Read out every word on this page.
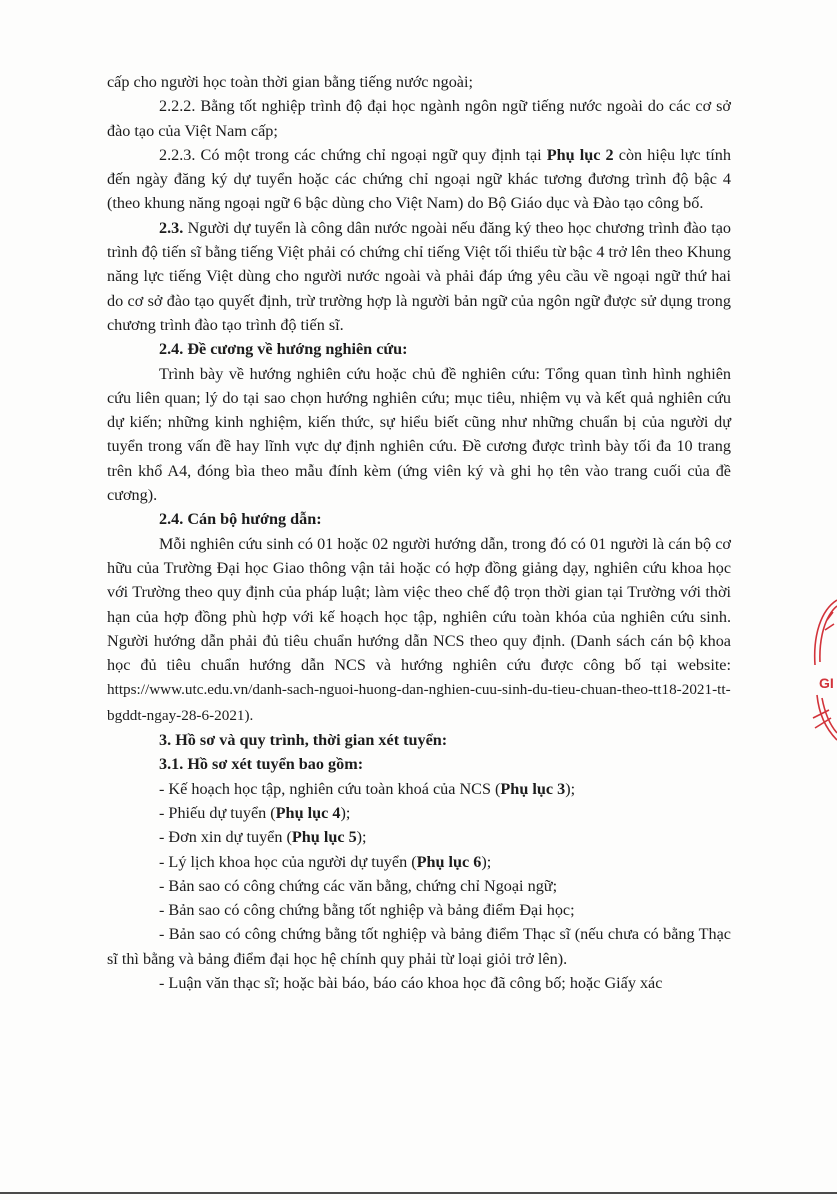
cấp cho người học toàn thời gian bằng tiếng nước ngoài;

2.2.2. Bằng tốt nghiệp trình độ đại học ngành ngôn ngữ tiếng nước ngoài do các cơ sở đào tạo của Việt Nam cấp;

2.2.3. Có một trong các chứng chỉ ngoại ngữ quy định tại Phụ lục 2 còn hiệu lực tính đến ngày đăng ký dự tuyển hoặc các chứng chỉ ngoại ngữ khác tương đương trình độ bậc 4 (theo khung năng ngoại ngữ 6 bậc dùng cho Việt Nam) do Bộ Giáo dục và Đào tạo công bố.

2.3. Người dự tuyển là công dân nước ngoài nếu đăng ký theo học chương trình đào tạo trình độ tiến sĩ bằng tiếng Việt phải có chứng chỉ tiếng Việt tối thiểu từ bậc 4 trở lên theo Khung năng lực tiếng Việt dùng cho người nước ngoài và phải đáp ứng yêu cầu về ngoại ngữ thứ hai do cơ sở đào tạo quyết định, trừ trường hợp là người bản ngữ của ngôn ngữ được sử dụng trong chương trình đào tạo trình độ tiến sĩ.

2.4. Đề cương về hướng nghiên cứu:

Trình bày về hướng nghiên cứu hoặc chủ đề nghiên cứu: Tổng quan tình hình nghiên cứu liên quan; lý do tại sao chọn hướng nghiên cứu; mục tiêu, nhiệm vụ và kết quả nghiên cứu dự kiến; những kinh nghiệm, kiến thức, sự hiểu biết cũng như những chuẩn bị của người dự tuyển trong vấn đề hay lĩnh vực dự định nghiên cứu. Đề cương được trình bày tối đa 10 trang trên khổ A4, đóng bìa theo mẫu đính kèm (ứng viên ký và ghi họ tên vào trang cuối của đề cương).

2.4. Cán bộ hướng dẫn:

Mỗi nghiên cứu sinh có 01 hoặc 02 người hướng dẫn, trong đó có 01 người là cán bộ cơ hữu của Trường Đại học Giao thông vận tải hoặc có hợp đồng giảng dạy, nghiên cứu khoa học với Trường theo quy định của pháp luật; làm việc theo chế độ trọn thời gian tại Trường với thời hạn của hợp đồng phù hợp với kế hoạch học tập, nghiên cứu toàn khóa của nghiên cứu sinh. Người hướng dẫn phải đủ tiêu chuẩn hướng dẫn NCS theo quy định. (Danh sách cán bộ khoa học đủ tiêu chuẩn hướng dẫn NCS và hướng nghiên cứu được công bố tại website: https://www.utc.edu.vn/danh-sach-nguoi-huong-dan-nghien-cuu-sinh-du-tieu-chuan-theo-tt18-2021-tt-bgddt-ngay-28-6-2021).

3. Hồ sơ và quy trình, thời gian xét tuyển:

3.1. Hồ sơ xét tuyển bao gồm:

- Kế hoạch học tập, nghiên cứu toàn khoá của NCS (Phụ lục 3);

- Phiếu dự tuyển (Phụ lục 4);

- Đơn xin dự tuyển (Phụ lục 5);

- Lý lịch khoa học của người dự tuyển (Phụ lục 6);

- Bản sao có công chứng các văn bằng, chứng chỉ Ngoại ngữ;

- Bản sao có công chứng bằng tốt nghiệp và bảng điểm Đại học;

- Bản sao có công chứng bằng tốt nghiệp và bảng điểm Thạc sĩ (nếu chưa có bằng Thạc sĩ thì bằng và bảng điểm đại học hệ chính quy phải từ loại giỏi trở lên).

- Luận văn thạc sĩ; hoặc bài báo, báo cáo khoa học đã công bố; hoặc Giấy xác

GI
